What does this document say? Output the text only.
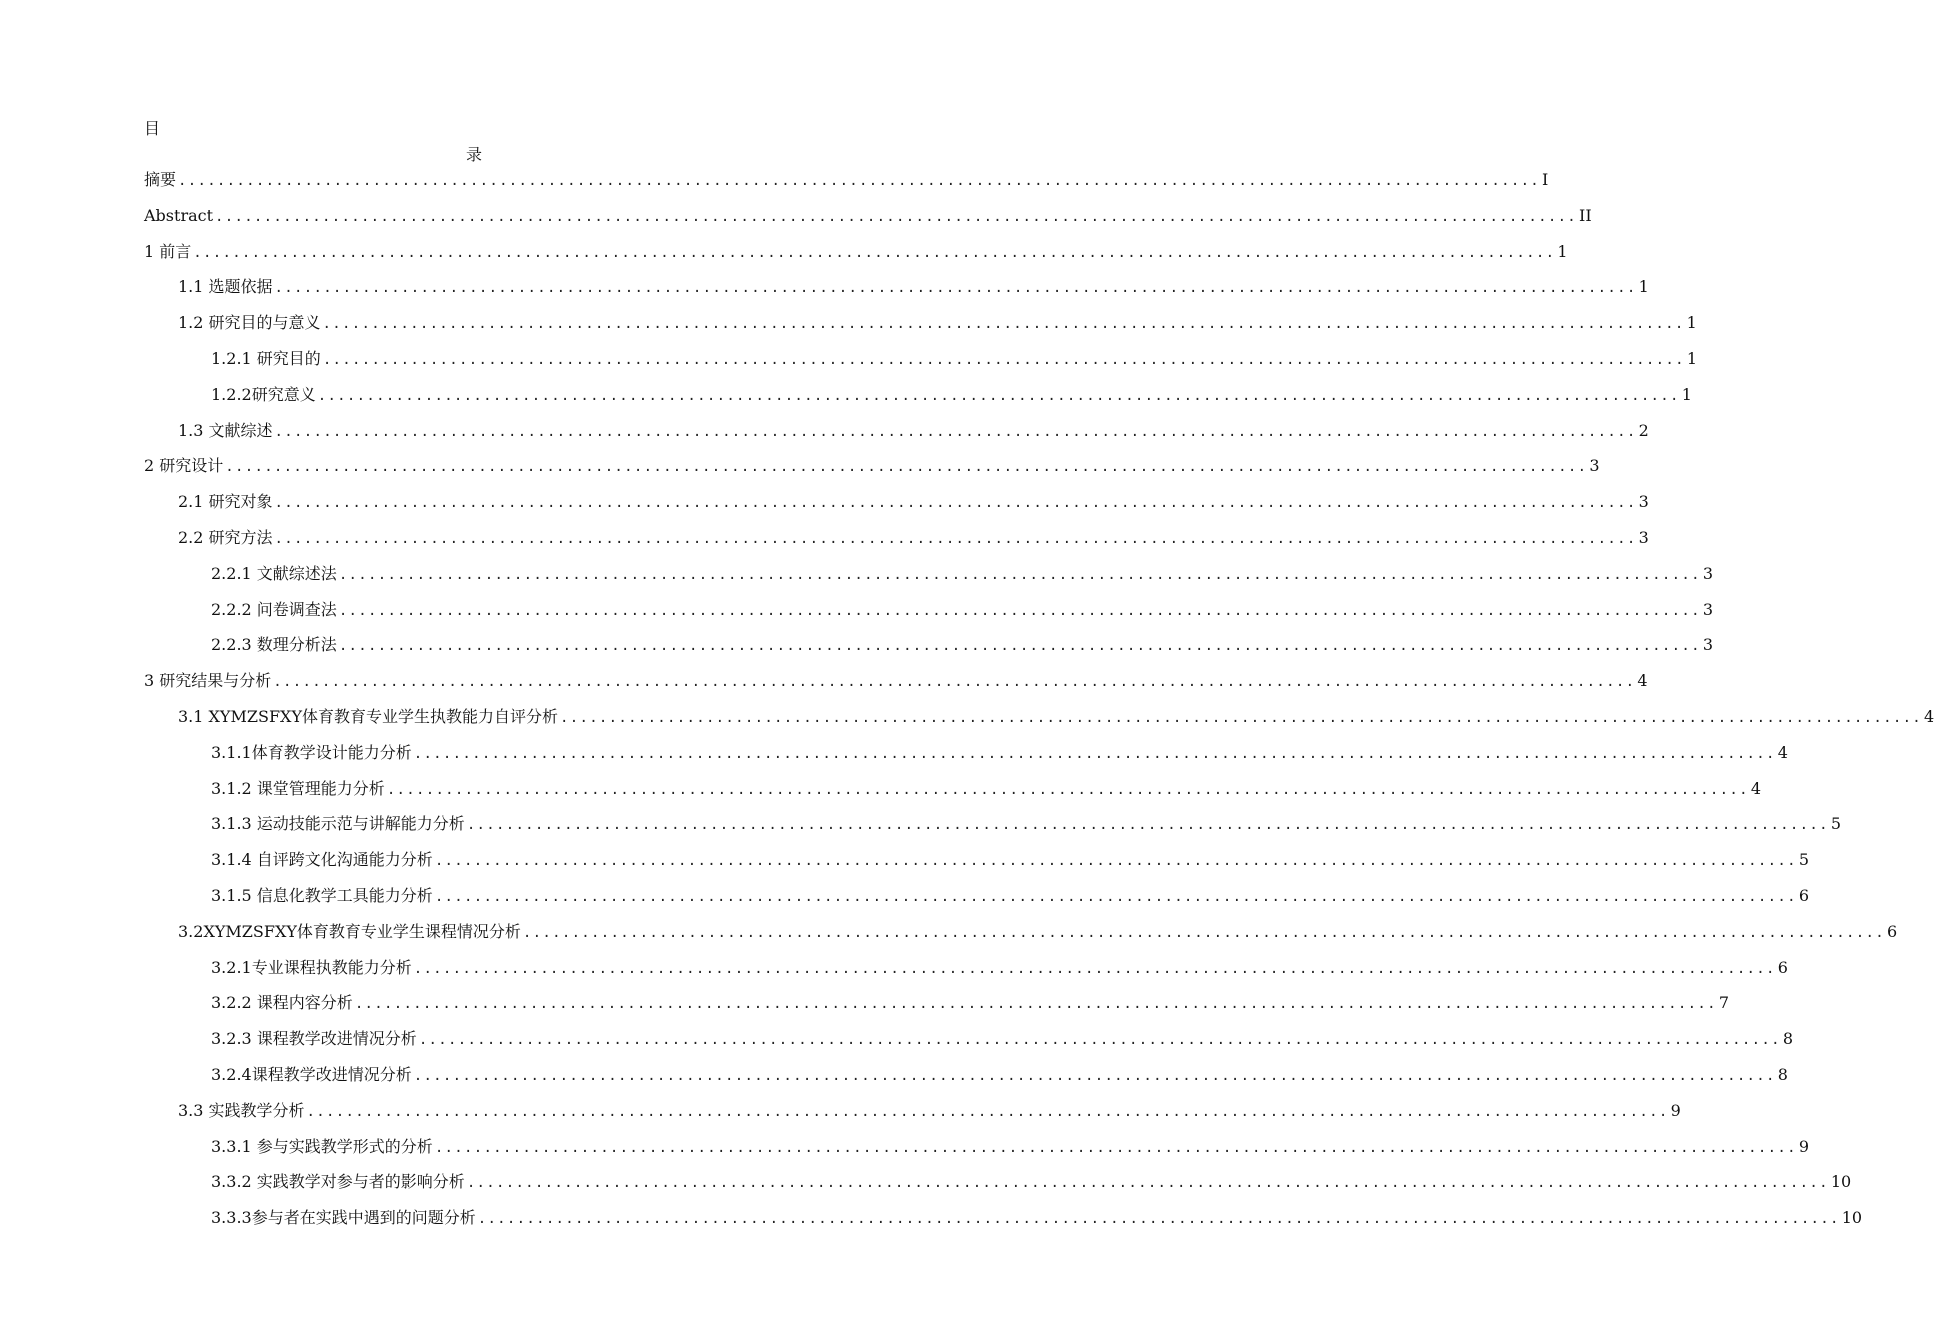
目
录
摘要 ............................................................................................................................................ I
Abstract ............................................................................................................................................ II
1 前言 ............................................................................................................................................ 1
1.1 选题依据 ............................................................................................................................................ 1
1.2 研究目的与意义 ............................................................................................................................................ 1
1.2.1 研究目的 ............................................................................................................................................ 1
1.2.2研究意义 ............................................................................................................................................ 1
1.3 文献综述 ............................................................................................................................................ 2
2 研究设计 ............................................................................................................................................ 3
2.1 研究对象 ............................................................................................................................................ 3
2.2 研究方法 ............................................................................................................................................ 3
2.2.1 文献综述法 ............................................................................................................................................ 3
2.2.2 问卷调查法 ............................................................................................................................................ 3
2.2.3 数理分析法 ............................................................................................................................................ 3
3 研究结果与分析 ............................................................................................................................................ 4
3.1 XYMZSFXY体育教育专业学生执教能力自评分析 ............................................................................................................................................ 4
3.1.1体育教学设计能力分析 ............................................................................................................................................ 4
3.1.2 课堂管理能力分析 ............................................................................................................................................ 4
3.1.3 运动技能示范与讲解能力分析 ............................................................................................................................................ 5
3.1.4 自评跨文化沟通能力分析 ............................................................................................................................................ 5
3.1.5 信息化教学工具能力分析 ............................................................................................................................................ 6
3.2XYMZSFXY体育教育专业学生课程情况分析 ............................................................................................................................................ 6
3.2.1专业课程执教能力分析 ............................................................................................................................................ 6
3.2.2 课程内容分析 ............................................................................................................................................ 7
3.2.3 课程教学改进情况分析 ............................................................................................................................................ 8
3.2.4课程教学改进情况分析 ............................................................................................................................................ 8
3.3 实践教学分析 ............................................................................................................................................ 9
3.3.1 参与实践教学形式的分析 ............................................................................................................................................ 9
3.3.2 实践教学对参与者的影响分析 ............................................................................................................................................ 10
3.3.3参与者在实践中遇到的问题分析 ............................................................................................................................................ 10
